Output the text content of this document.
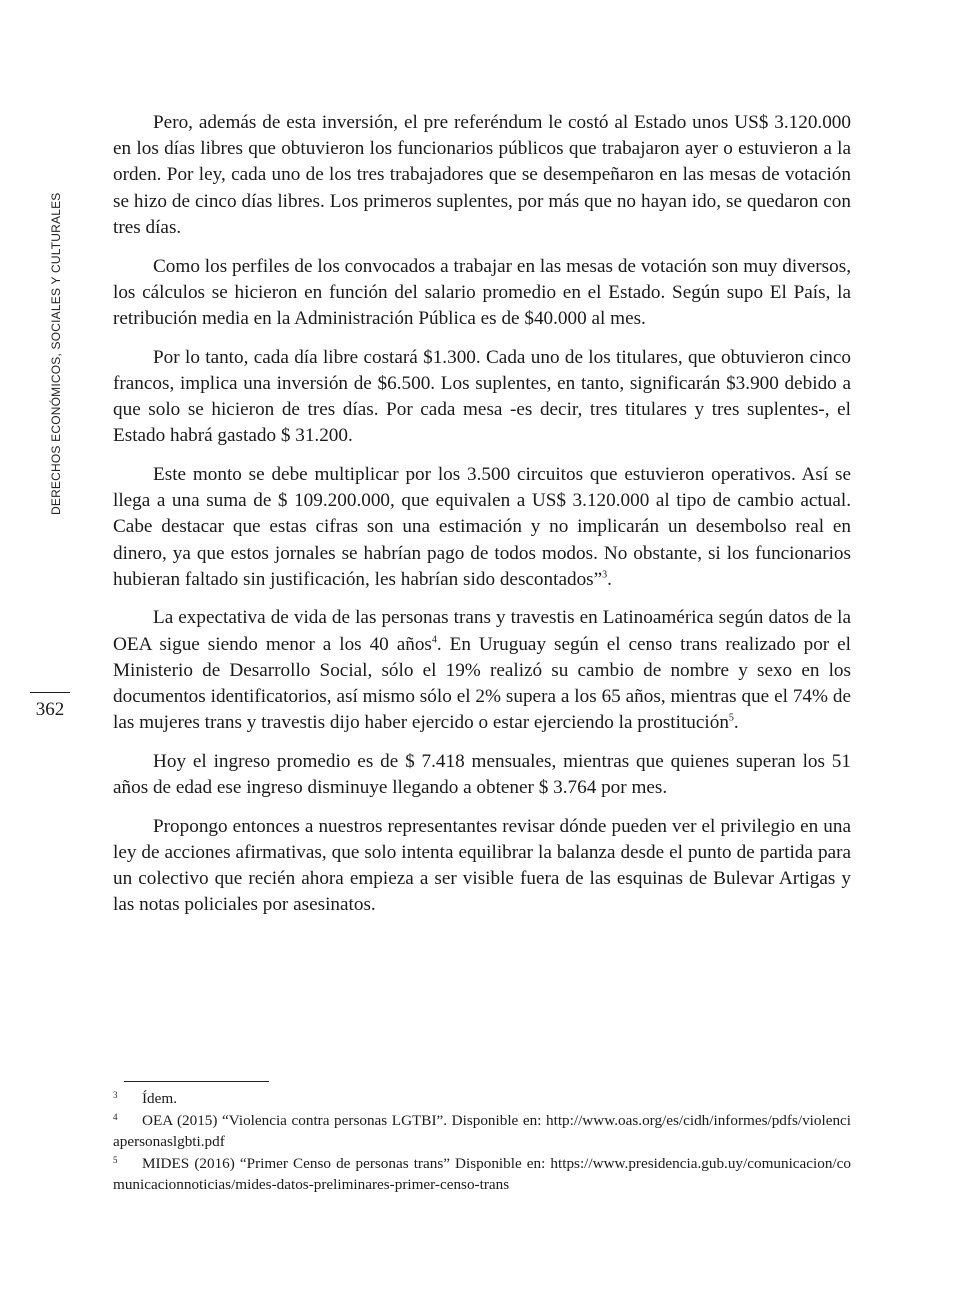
DERECHOS ECONÓMICOS, SOCIALES Y CULTURALES
362

Pero, además de esta inversión, el pre referéndum le costó al Estado unos US$ 3.120.000 en los días libres que obtuvieron los funcionarios públicos que trabajaron ayer o estuvieron a la orden. Por ley, cada uno de los tres trabajadores que se desempeñaron en las mesas de votación se hizo de cinco días libres. Los primeros suplentes, por más que no hayan ido, se quedaron con tres días.

Como los perfiles de los convocados a trabajar en las mesas de votación son muy diversos, los cálculos se hicieron en función del salario promedio en el Estado. Según supo El País, la retribución media en la Administración Pública es de $40.000 al mes.

Por lo tanto, cada día libre costará $1.300. Cada uno de los titulares, que obtuvieron cinco francos, implica una inversión de $6.500. Los suplentes, en tanto, significarán $3.900 debido a que solo se hicieron de tres días. Por cada mesa -es decir, tres titulares y tres suplentes-, el Estado habrá gastado $ 31.200.

Este monto se debe multiplicar por los 3.500 circuitos que estuvieron operativos. Así se llega a una suma de $ 109.200.000, que equivalen a US$ 3.120.000 al tipo de cambio actual. Cabe destacar que estas cifras son una estimación y no implicarán un desembolso real en dinero, ya que estos jornales se habrían pago de todos modos. No obstante, si los funcionarios hubieran faltado sin justificación, les habrían sido descontados”$^3$.

La expectativa de vida de las personas trans y travestis en Latinoamérica según datos de la OEA sigue siendo menor a los 40 años$^4$. En Uruguay según el censo trans realizado por el Ministerio de Desarrollo Social, sólo el 19% realizó su cambio de nombre y sexo en los documentos identificatorios, así mismo sólo el 2% supera a los 65 años, mientras que el 74% de las mujeres trans y travestis dijo haber ejercido o estar ejerciendo la prostitución$^5$.

Hoy el ingreso promedio es de $ 7.418 mensuales, mientras que quienes superan los 51 años de edad ese ingreso disminuye llegando a obtener $ 3.764 por mes.

Propongo entonces a nuestros representantes revisar dónde pueden ver el privilegio en una ley de acciones afirmativas, que solo intenta equilibrar la balanza desde el punto de partida para un colectivo que recién ahora empieza a ser visible fuera de las esquinas de Bulevar Artigas y las notas policiales por asesinatos.

3	Ídem.
4	OEA (2015) “Violencia contra personas LGTBI”. Disponible en: http://www.oas.org/es/cidh/informes/pdfs/violenciapersonaslgbti.pdf
5	MIDES (2016) “Primer Censo de personas trans” Disponible en: https://www.presidencia.gub.uy/comunicacion/comunicacionnoticias/mides-datos-preliminares-primer-censo-trans
